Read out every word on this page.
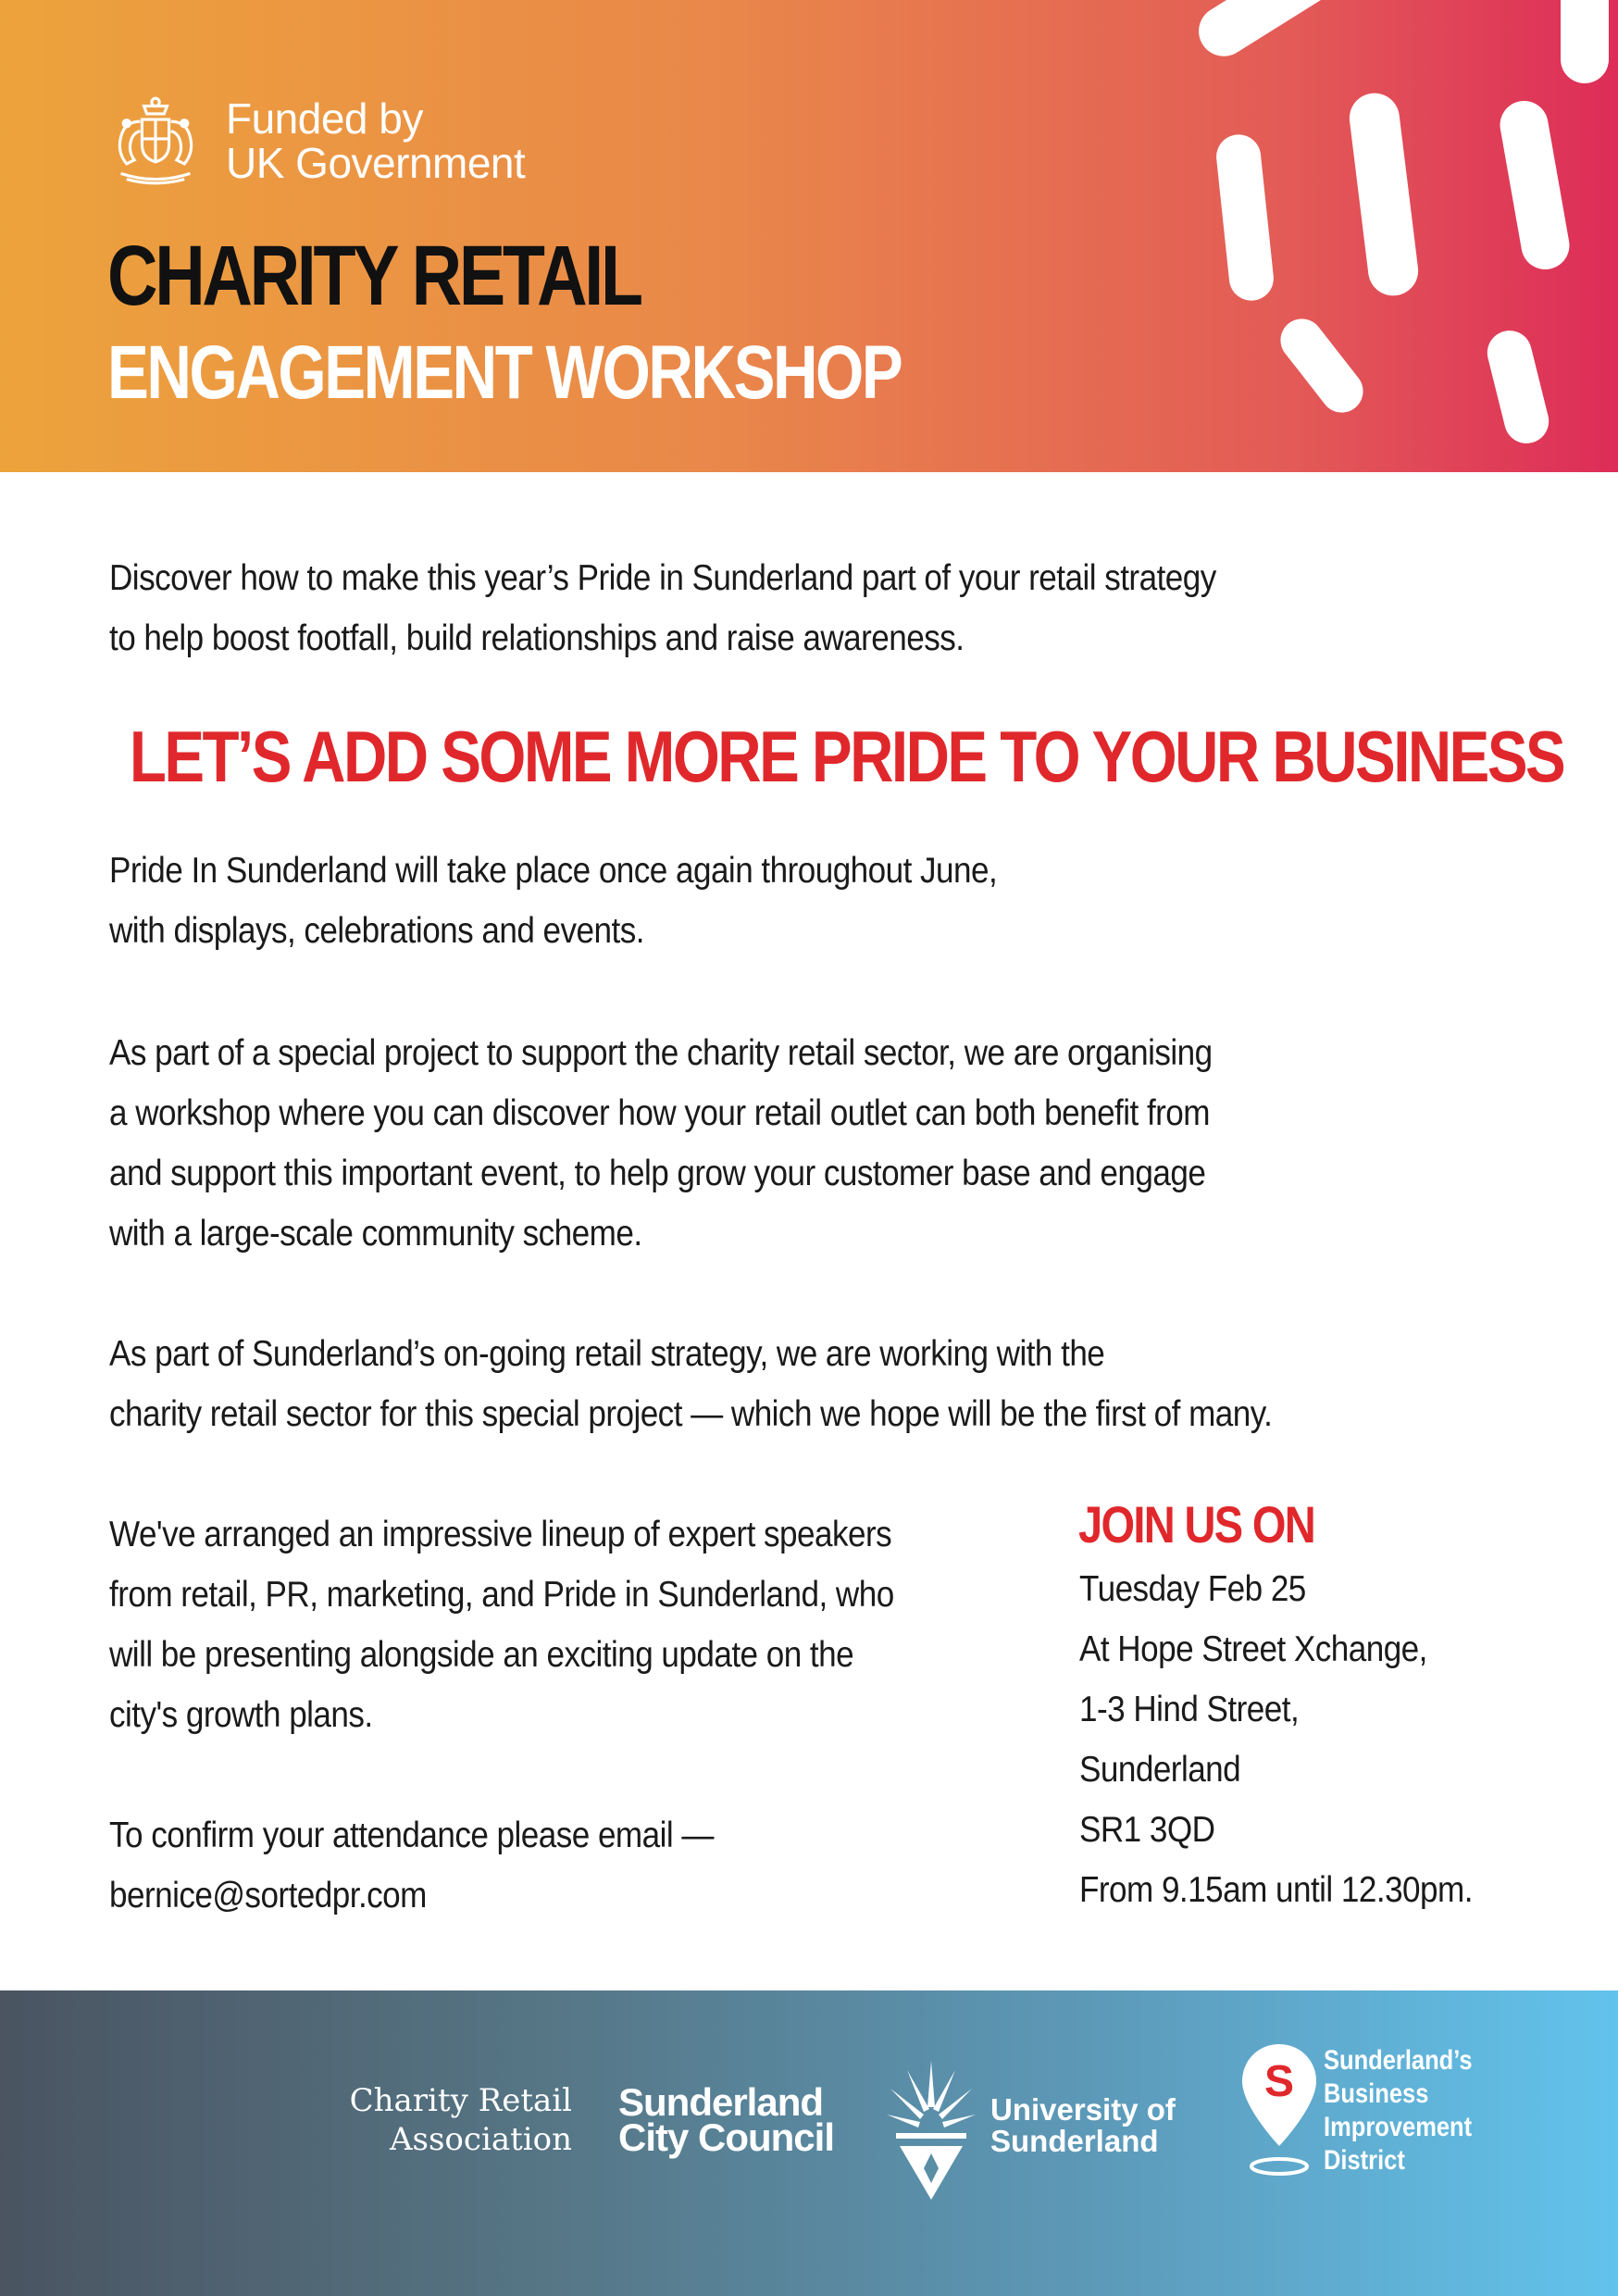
Funded by
UK Government
CHARITY RETAIL
ENGAGEMENT WORKSHOP
Discover how to make this year’s Pride in Sunderland part of your retail strategy
to help boost footfall, build relationships and raise awareness.
LET’S ADD SOME MORE PRIDE TO YOUR BUSINESS
Pride In Sunderland will take place once again throughout June,
with displays, celebrations and events.
As part of a special project to support the charity retail sector, we are organising
a workshop where you can discover how your retail outlet can both benefit from
and support this important event, to help grow your customer base and engage
with a large-scale community scheme.
As part of Sunderland’s on-going retail strategy, we are working with the
charity retail sector for this special project — which we hope will be the first of many.
We've arranged an impressive lineup of expert speakers
from retail, PR, marketing, and Pride in Sunderland, who
will be presenting alongside an exciting update on the
city's growth plans.
To confirm your attendance please email —
bernice@sortedpr.com
JOIN US ON
Tuesday Feb 25
At Hope Street Xchange,
1-3 Hind Street,
Sunderland
SR1 3QD
From 9.15am until 12.30pm.
Charity Retail
Association
Sunderland
City Council
University of
Sunderland
S Sunderland’s
Business
Improvement
District
